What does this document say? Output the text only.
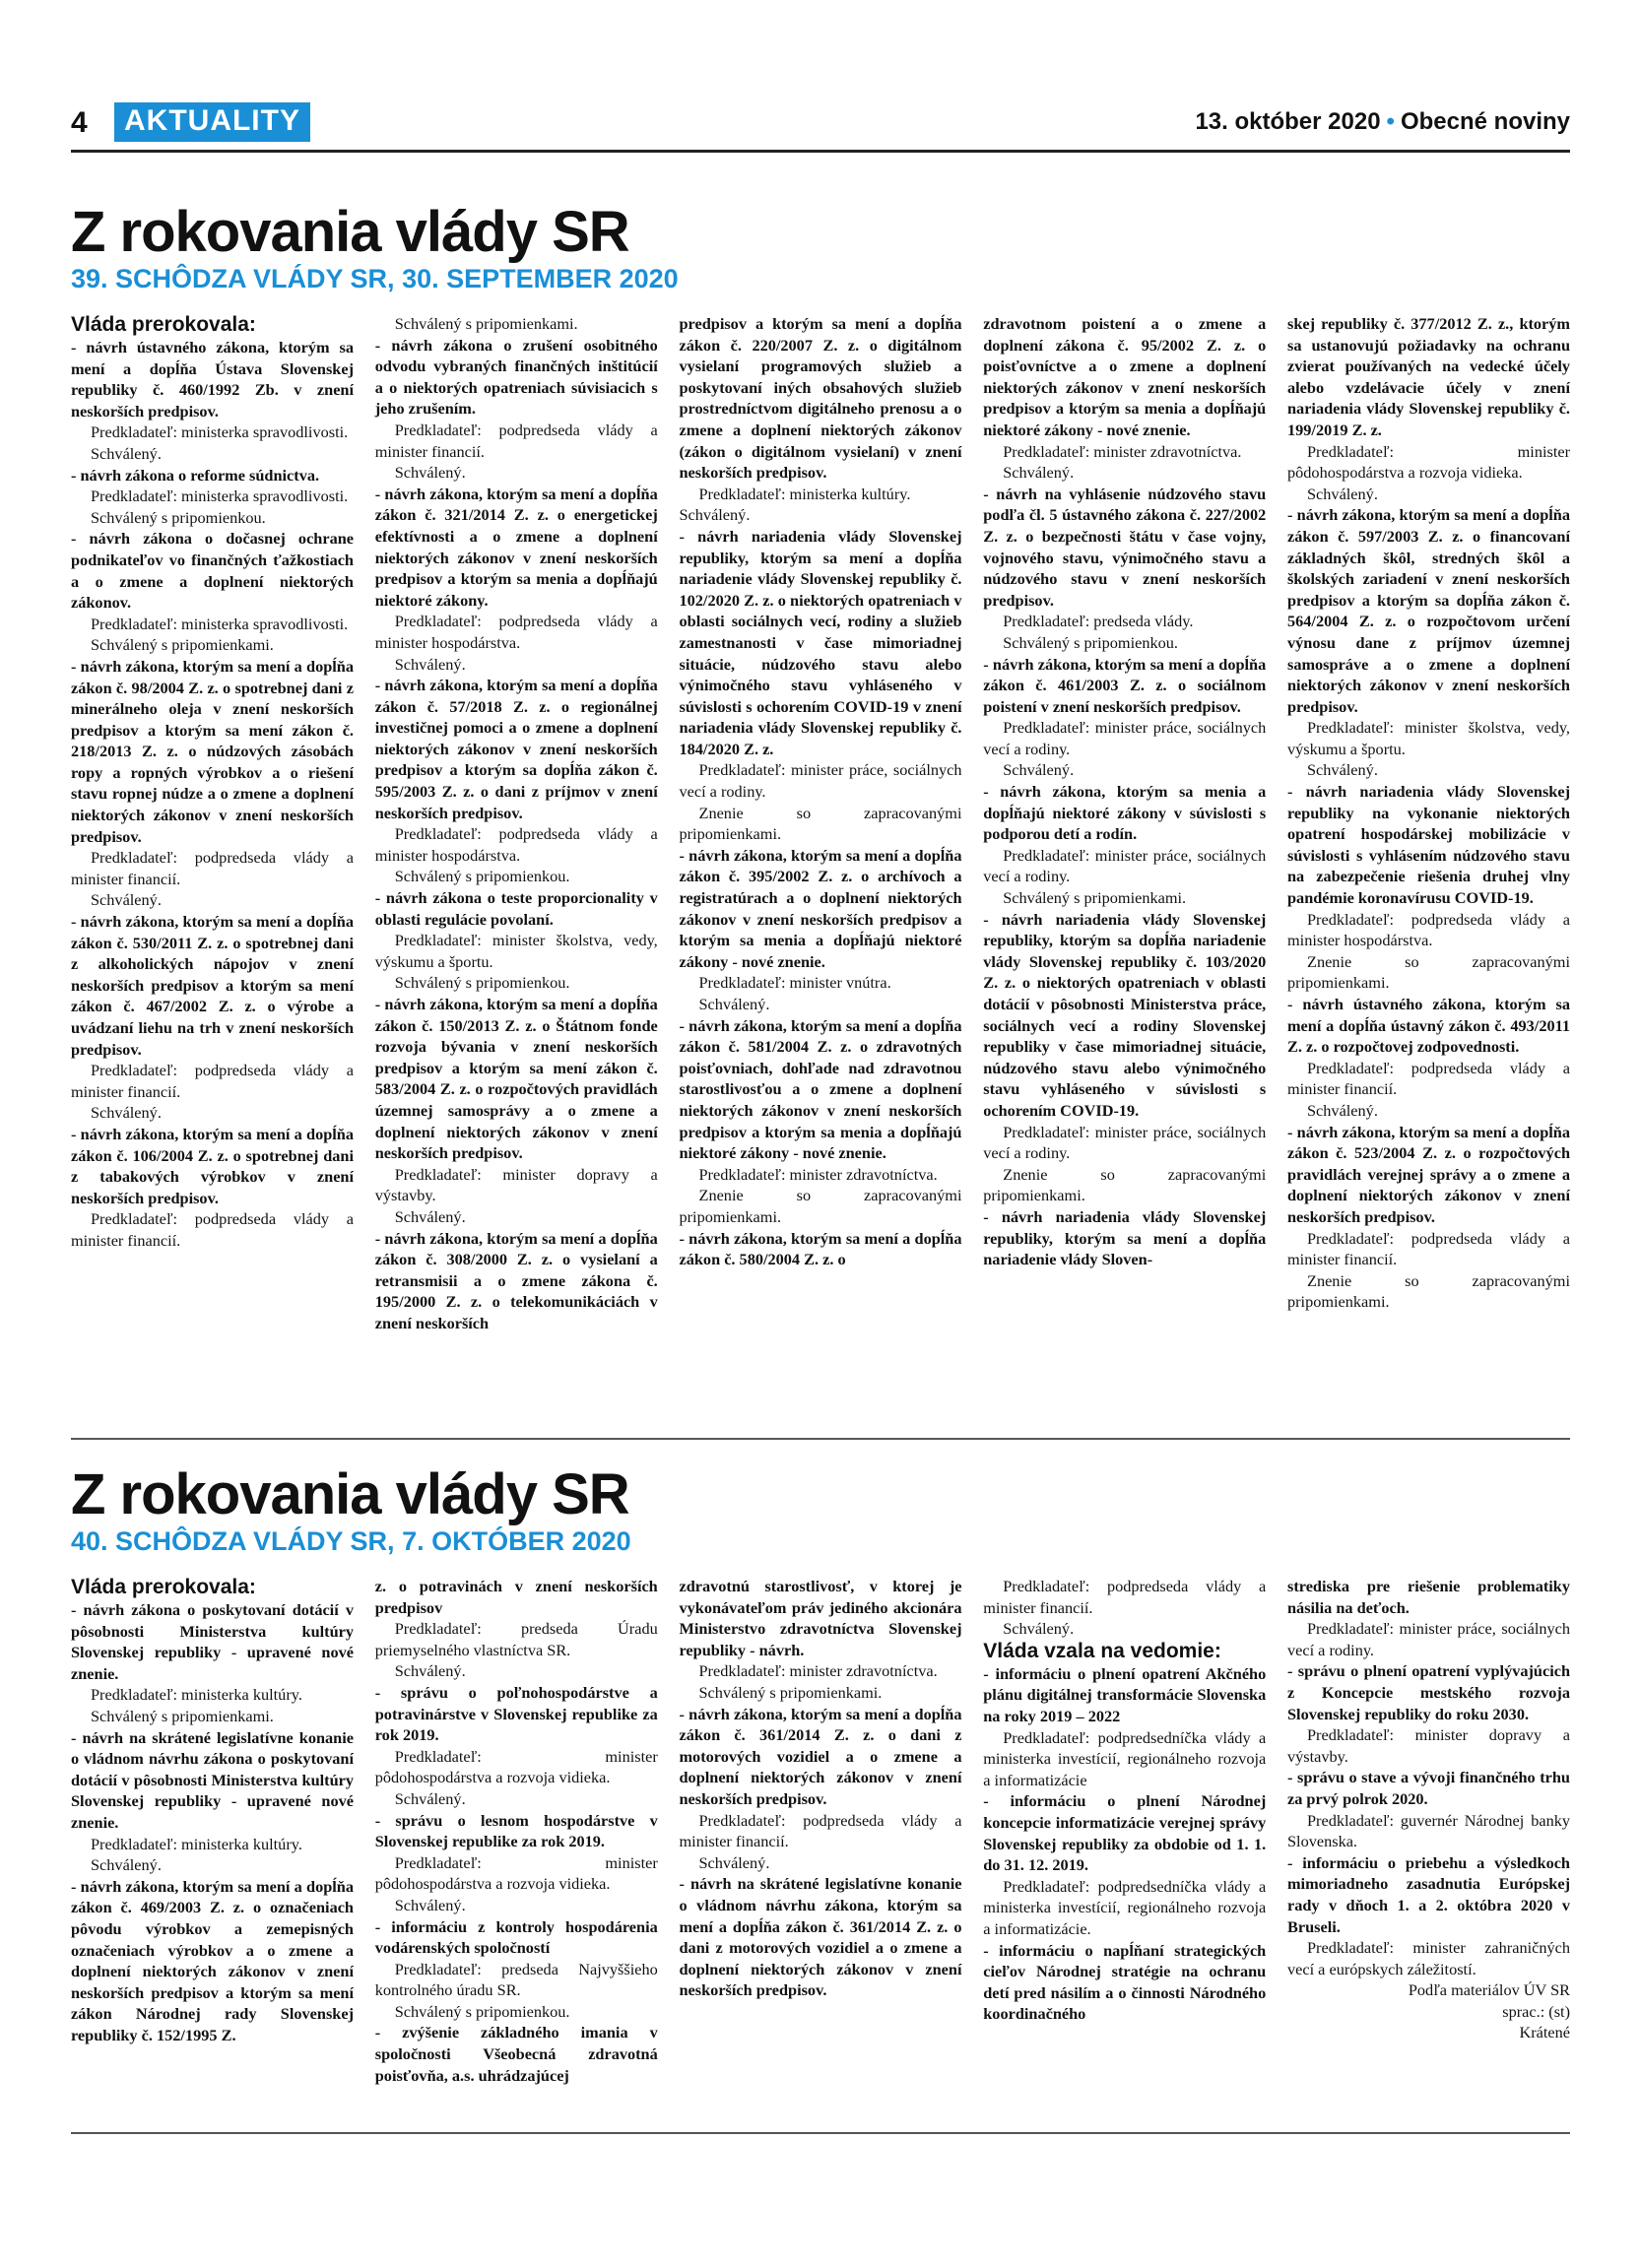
4	AKTUALITY	13. október 2020 • Obecné noviny
Z rokovania vlády SR
39. SCHÔDZA VLÁDY SR, 30. SEPTEMBER 2020

Vláda prerokovala:

- návrh ústavného zákona, ktorým sa mení a dopĺňa Ústava Slovenskej republiky č. 460/1992 Zb. v znení neskorších predpisov.

Predkladateľ: ministerka spravodlivosti.

Schválený.

- návrh zákona o reforme súdnictva.

Predkladateľ: ministerka spravodlivosti.

Schválený s pripomienkou.

- návrh zákona o dočasnej ochrane podnikateľov vo finančných ťažkostiach a o zmene a doplnení niektorých zákonov.

Predkladateľ: ministerka spravodlivosti.

Schválený s pripomienkami.

- návrh zákona, ktorým sa mení a dopĺňa zákon č. 98/2004 Z. z. o spotrebnej dani z minerálneho oleja v znení neskorších predpisov a ktorým sa mení zákon č. 218/2013 Z. z. o núdzových zásobách ropy a ropných výrobkov a o riešení stavu ropnej núdze a o zmene a doplnení niektorých zákonov v znení neskorších predpisov.

Predkladateľ: podpredseda vlády a minister financií.

Schválený.

- návrh zákona, ktorým sa mení a dopĺňa zákon č. 530/2011 Z. z. o spotrebnej dani z alkoholických nápojov v znení neskorších predpisov a ktorým sa mení zákon č. 467/2002 Z. z. o výrobe a uvádzaní liehu na trh v znení neskorších predpisov.

Predkladateľ: podpredseda vlády a minister financií.

Schválený.

- návrh zákona, ktorým sa mení a dopĺňa zákon č. 106/2004 Z. z. o spotrebnej dani z tabakových výrobkov v znení neskorších predpisov.

Predkladateľ: podpredseda vlády a minister financií.

Schválený s pripomienkami.

- návrh zákona o zrušení osobitného odvodu vybraných finančných inštitúcií a o niektorých opatreniach súvisiacich s jeho zrušením.

Predkladateľ: podpredseda vlády a minister financií.

Schválený.

- návrh zákona, ktorým sa mení a dopĺňa zákon č. 321/2014 Z. z. o energetickej efektívnosti a o zmene a doplnení niektorých zákonov v znení neskorších predpisov a ktorým sa menia a dopĺňajú niektoré zákony.

Predkladateľ: podpredseda vlády a minister hospodárstva.

Schválený.

- návrh zákona, ktorým sa mení a dopĺňa zákon č. 57/2018 Z. z. o regionálnej investičnej pomoci a o zmene a doplnení niektorých zákonov v znení neskorších predpisov a ktorým sa dopĺňa zákon č. 595/2003 Z. z. o dani z príjmov v znení neskorších predpisov.

Predkladateľ: podpredseda vlády a minister hospodárstva.

Schválený s pripomienkou.

- návrh zákona o teste proporcionality v oblasti regulácie povolaní.

Predkladateľ: minister školstva, vedy, výskumu a športu.

Schválený s pripomienkou.

- návrh zákona, ktorým sa mení a dopĺňa zákon č. 150/2013 Z. z. o Štátnom fonde rozvoja bývania v znení neskorších predpisov a ktorým sa mení zákon č. 583/2004 Z. z. o rozpočtových pravidlách územnej samosprávy a o zmene a doplnení niektorých zákonov v znení neskorších predpisov.

Predkladateľ: minister dopravy a výstavby.

Schválený.

- návrh zákona, ktorým sa mení a dopĺňa zákon č. 308/2000 Z. z. o vysielaní a retransmisii a o zmene zákona č. 195/2000 Z. z. o telekomunikáciách v znení neskorších

predpisov a ktorým sa mení a dopĺňa zákon č. 220/2007 Z. z. o digitálnom vysielaní programových služieb a poskytovaní iných obsahových služieb prostredníctvom digitálneho prenosu a o zmene a doplnení niektorých zákonov (zákon o digitálnom vysielaní) v znení neskorších predpisov.

Predkladateľ: ministerka kultúry.

Schválený.

- návrh nariadenia vlády Slovenskej republiky, ktorým sa mení a dopĺňa nariadenie vlády Slovenskej republiky č. 102/2020 Z. z. o niektorých opatreniach v oblasti sociálnych vecí, rodiny a služieb zamestnanosti v čase mimoriadnej situácie, núdzového stavu alebo výnimočného stavu vyhláseného v súvislosti s ochorením COVID-19 v znení nariadenia vlády Slovenskej republiky č. 184/2020 Z. z.

Predkladateľ: minister práce, sociálnych vecí a rodiny.

Znenie so zapracovanými pripomienkami.

- návrh zákona, ktorým sa mení a dopĺňa zákon č. 395/2002 Z. z. o archívoch a registratúrach a o doplnení niektorých zákonov v znení neskorších predpisov a ktorým sa menia a dopĺňajú niektoré zákony - nové znenie.

Predkladateľ: minister vnútra.

Schválený.

- návrh zákona, ktorým sa mení a dopĺňa zákon č. 581/2004 Z. z. o zdravotných poisťovniach, dohľade nad zdravotnou starostlivosťou a o zmene a doplnení niektorých zákonov v znení neskorších predpisov a ktorým sa menia a dopĺňajú niektoré zákony - nové znenie.

Predkladateľ: minister zdravotníctva.

Znenie so zapracovanými pripomienkami.

- návrh zákona, ktorým sa mení a dopĺňa zákon č. 580/2004 Z. z. o

zdravotnom poistení a o zmene a doplnení zákona č. 95/2002 Z. z. o poisťovníctve a o zmene a doplnení niektorých zákonov v znení neskorších predpisov a ktorým sa menia a dopĺňajú niektoré zákony - nové znenie.

Predkladateľ: minister zdravotníctva.

Schválený.

- návrh na vyhlásenie núdzového stavu podľa čl. 5 ústavného zákona č. 227/2002 Z. z. o bezpečnosti štátu v čase vojny, vojnového stavu, výnimočného stavu a núdzového stavu v znení neskorších predpisov.

Predkladateľ: predseda vlády.

Schválený s pripomienkou.

- návrh zákona, ktorým sa mení a dopĺňa zákon č. 461/2003 Z. z. o sociálnom poistení v znení neskorších predpisov.

Predkladateľ: minister práce, sociálnych vecí a rodiny.

Schválený.

- návrh zákona, ktorým sa menia a dopĺňajú niektoré zákony v súvislosti s podporou detí a rodín.

Predkladateľ: minister práce, sociálnych vecí a rodiny.

Schválený s pripomienkami.

- návrh nariadenia vlády Slovenskej republiky, ktorým sa dopĺňa nariadenie vlády Slovenskej republiky č. 103/2020 Z. z. o niektorých opatreniach v oblasti dotácií v pôsobnosti Ministerstva práce, sociálnych vecí a rodiny Slovenskej republiky v čase mimoriadnej situácie, núdzového stavu alebo výnimočného stavu vyhláseného v súvislosti s ochorením COVID-19.

Predkladateľ: minister práce, sociálnych vecí a rodiny.

Znenie so zapracovanými pripomienkami.

- návrh nariadenia vlády Slovenskej republiky, ktorým sa mení a dopĺňa nariadenie vlády Sloven-

skej republiky č. 377/2012 Z. z., ktorým sa ustanovujú požiadavky na ochranu zvierat používaných na vedecké účely alebo vzdelávacie účely v znení nariadenia vlády Slovenskej republiky č. 199/2019 Z. z.

Predkladateľ: minister pôdohospodárstva a rozvoja vidieka.

Schválený.

- návrh zákona, ktorým sa mení a dopĺňa zákon č. 597/2003 Z. z. o financovaní základných škôl, stredných škôl a školských zariadení v znení neskorších predpisov a ktorým sa dopĺňa zákon č. 564/2004 Z. z. o rozpočtovom určení výnosu dane z príjmov územnej samospráve a o zmene a doplnení niektorých zákonov v znení neskorších predpisov.

Predkladateľ: minister školstva, vedy, výskumu a športu.

Schválený.

- návrh nariadenia vlády Slovenskej republiky na vykonanie niektorých opatrení hospodárskej mobilizácie v súvislosti s vyhlásením núdzového stavu na zabezpečenie riešenia druhej vlny pandémie koronavírusu COVID-19.

Predkladateľ: podpredseda vlády a minister hospodárstva.

Znenie so zapracovanými pripomienkami.

- návrh ústavného zákona, ktorým sa mení a dopĺňa ústavný zákon č. 493/2011 Z. z. o rozpočtovej zodpovednosti.

Predkladateľ: podpredseda vlády a minister financií.

Schválený.

- návrh zákona, ktorým sa mení a dopĺňa zákon č. 523/2004 Z. z. o rozpočtových pravidlách verejnej správy a o zmene a doplnení niektorých zákonov v znení neskorších predpisov.

Predkladateľ: podpredseda vlády a minister financií.

Znenie so zapracovanými pripomienkami.

Z rokovania vlády SR
40. SCHÔDZA VLÁDY SR, 7. OKTÓBER 2020

Vláda prerokovala:

- návrh zákona o poskytovaní dotácií v pôsobnosti Ministerstva kultúry Slovenskej republiky - upravené nové znenie.

Predkladateľ: ministerka kultúry.

Schválený s pripomienkami.

- návrh na skrátené legislatívne konanie o vládnom návrhu zákona o poskytovaní dotácií v pôsobnosti Ministerstva kultúry Slovenskej republiky - upravené nové znenie.

Predkladateľ: ministerka kultúry.

Schválený.

- návrh zákona, ktorým sa mení a dopĺňa zákon č. 469/2003 Z. z. o označeniach pôvodu výrobkov a zemepisných označeniach výrobkov a o zmene a doplnení niektorých zákonov v znení neskorších predpisov a ktorým sa mení zákon Národnej rady Slovenskej republiky č. 152/1995 Z.

z. o potravinách v znení neskorších predpisov

Predkladateľ: predseda Úradu priemyselného vlastníctva SR.

Schválený.

- správu o poľnohospodárstve a potravinárstve v Slovenskej republike za rok 2019.

Predkladateľ: minister pôdohospodárstva a rozvoja vidieka.

Schválený.

- správu o lesnom hospodárstve v Slovenskej republike za rok 2019.

Predkladateľ: minister pôdohospodárstva a rozvoja vidieka.

Schválený.

- informáciu z kontroly hospodárenia vodárenských spoločností

Predkladateľ: predseda Najvyššieho kontrolného úradu SR.

Schválený s pripomienkou.

- zvýšenie základného imania v spoločnosti Všeobecná zdravotná poisťovňa, a.s. uhrádzajúcej

zdravotnú starostlivosť, v ktorej je vykonávateľom práv jediného akcionára Ministerstvo zdravotníctva Slovenskej republiky - návrh.

Predkladateľ: minister zdravotníctva.

Schválený s pripomienkami.

- návrh zákona, ktorým sa mení a dopĺňa zákon č. 361/2014 Z. z. o dani z motorových vozidiel a o zmene a doplnení niektorých zákonov v znení neskorších predpisov.

Predkladateľ: podpredseda vlády a minister financií.

Schválený.

- návrh na skrátené legislatívne konanie o vládnom návrhu zákona, ktorým sa mení a dopĺňa zákon č. 361/2014 Z. z. o dani z motorových vozidiel a o zmene a doplnení niektorých zákonov v znení neskorších predpisov.

Predkladateľ: podpredseda vlády a minister financií.

Schválený.

Vláda vzala na vedomie:

- informáciu o plnení opatrení Akčného plánu digitálnej transformácie Slovenska na roky 2019 – 2022

Predkladateľ: podpredsedníčka vlády a ministerka investícií, regionálneho rozvoja a informatizácie

- informáciu o plnení Národnej koncepcie informatizácie verejnej správy Slovenskej republiky za obdobie od 1. 1. do 31. 12. 2019.

Predkladateľ: podpredsedníčka vlády a ministerka investícií, regionálneho rozvoja a informatizácie.

- informáciu o napĺňaní strategických cieľov Národnej stratégie na ochranu detí pred násilím a o činnosti Národného koordinačného

strediska pre riešenie problematiky násilia na deťoch.

Predkladateľ: minister práce, sociálnych vecí a rodiny.

- správu o plnení opatrení vyplývajúcich z Koncepcie mestského rozvoja Slovenskej republiky do roku 2030.

Predkladateľ: minister dopravy a výstavby.

- správu o stave a vývoji finančného trhu za prvý polrok 2020.

Predkladateľ: guvernér Národnej banky Slovenska.

- informáciu o priebehu a výsledkoch mimoriadneho zasadnutia Európskej rady v dňoch 1. a 2. októbra 2020 v Bruseli.

Predkladateľ: minister zahraničných vecí a európskych záležitostí.

Podľa materiálov ÚV SR

sprac.: (st)

Krátené
